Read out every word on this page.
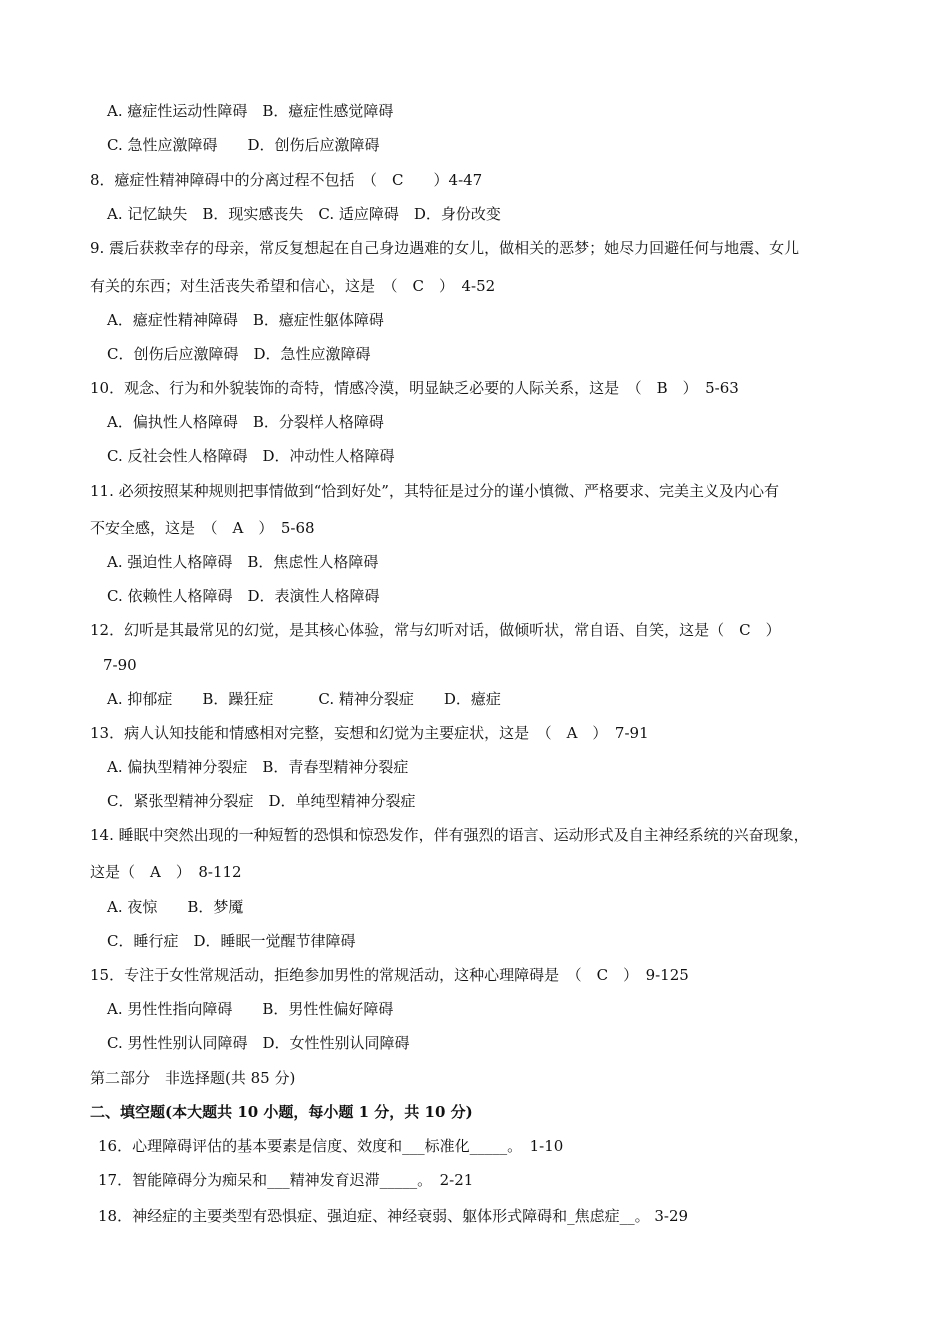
A. 癔症性运动性障碍　B．癔症性感觉障碍
C. 急性应激障碍　　D．创伤后应激障碍
8．癔症性精神障碍中的分离过程不包括　（　C　　）4-47
A. 记忆缺失　B．现实感丧失　C. 适应障碍　D．身份改变
9. 震后获救幸存的母亲，常反复想起在自己身边遇难的女儿，做相关的恶梦；她尽力回避任何与地震、女儿
有关的东西；对生活丧失希望和信心，这是　（　C　）　4-52
A．癔症性精神障碍　B．癔症性躯体障碍
C．创伤后应激障碍　D．急性应激障碍
10．观念、行为和外貌装饰的奇特，情感冷漠，明显缺乏必要的人际关系，这是　（　B　）　5-63
A．偏执性人格障碍　B．分裂样人格障碍
C. 反社会性人格障碍　D．冲动性人格障碍
11. 必须按照某种规则把事情做到“恰到好处”，其特征是过分的谨小慎微、严格要求、完美主义及内心有
不安全感，这是　（　A　）　5-68
A. 强迫性人格障碍　B．焦虑性人格障碍
C. 依赖性人格障碍　D．表演性人格障碍
12．幻听是其最常见的幻觉，是其核心体验，常与幻听对话，做倾听状，常自语、自笑，这是（　C　）
7-90
A. 抑郁症　　B．躁狂症　　　C. 精神分裂症　　D．癔症
13．病人认知技能和情感相对完整，妄想和幻觉为主要症状，这是　（　A　）　7-91
A. 偏执型精神分裂症　B．青春型精神分裂症
C．紧张型精神分裂症　D．单纯型精神分裂症
14. 睡眠中突然出现的一种短暂的恐惧和惊恐发作，伴有强烈的语言、运动形式及自主神经系统的兴奋现象，
这是（　A　）　8-112
A. 夜惊　　B．梦魇
C．睡行症　D．睡眠一觉醒节律障碍
15．专注于女性常规活动，拒绝参加男性的常规活动，这种心理障碍是　（　C　）　9-125
A. 男性性指向障碍　　B．男性性偏好障碍
C. 男性性别认同障碍　D．女性性别认同障碍
第二部分　非选择题(共 85 分)
二、填空题(本大题共 10 小题，每小题 1 分，共 10 分)
16．心理障碍评估的基本要素是信度、效度和___标准化_____。　1-10
17．智能障碍分为痴呆和___精神发育迟滞_____。　2-21
18．神经症的主要类型有恐惧症、强迫症、神经衰弱、躯体形式障碍和_焦虑症__。 3-29
